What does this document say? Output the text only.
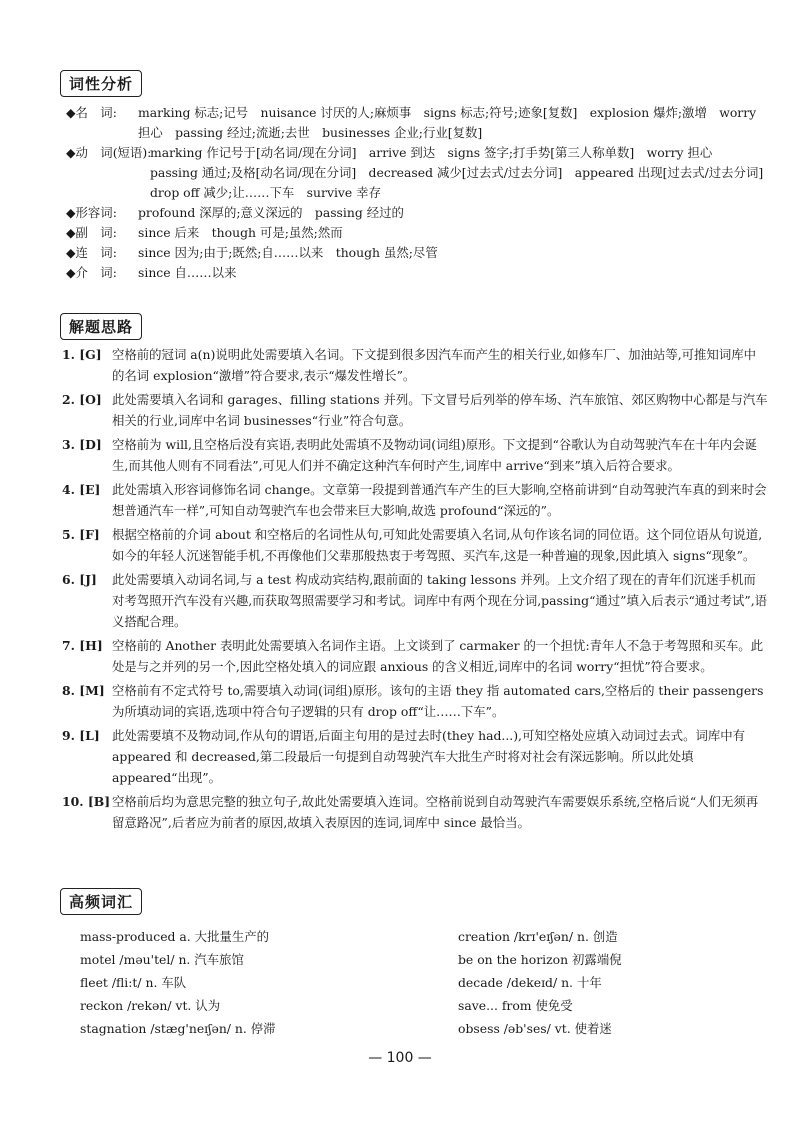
词性分析
◆名　词:	marking 标志;记号　nuisance 讨厌的人;麻烦事　signs 标志;符号;迹象[复数]　explosion 爆炸;激增　worry 担心　passing 经过;流逝;去世　businesses 企业;行业[复数]
◆动　词(短语):
marking 作记号于[动名词/现在分词]　arrive 到达　signs 签字;打手势[第三人称单数]　worry 担心　passing 通过;及格[动名词/现在分词]　decreased 减少[过去式/过去分词]　appeared 出现[过去式/过去分词]　drop off 减少;让……下车　survive 幸存
◆形容词:	profound 深厚的;意义深远的　passing 经过的
◆副　词:	since 后来　though 可是;虽然;然而
◆连　词:	since 因为;由于;既然;自……以来　though 虽然;尽管
◆介　词:	since 自……以来
解题思路
1. [G] 空格前的冠词 a(n)说明此处需要填入名词。下文提到很多因汽车而产生的相关行业,如修车厂、加油站等,可推知词库中的名词 explosion“激增”符合要求,表示“爆发性增长”。
2. [O] 此处需要填入名词和 garages、filling stations 并列。下文冒号后列举的停车场、汽车旅馆、郊区购物中心都是与汽车相关的行业,词库中名词 businesses“行业”符合句意。
3. [D] 空格前为 will,且空格后没有宾语,表明此处需填不及物动词(词组)原形。下文提到“谷歌认为自动驾驶汽车在十年内会诞生,而其他人则有不同看法”,可见人们并不确定这种汽车何时产生,词库中 arrive“到来”填入后符合要求。
4. [E] 此处需填入形容词修饰名词 change。文章第一段提到普通汽车产生的巨大影响,空格前讲到“自动驾驶汽车真的到来时会想普通汽车一样”,可知自动驾驶汽车也会带来巨大影响,故选 profound“深远的”。
5. [F] 根据空格前的介词 about 和空格后的名词性从句,可知此处需要填入名词,从句作该名词的同位语。这个同位语从句说道,如今的年轻人沉迷智能手机,不再像他们父辈那般热衷于考驾照、买汽车,这是一种普遍的现象,因此填入 signs“现象”。
6. [J]	此处需要填入动词名词,与 a test 构成动宾结构,跟前面的 taking lessons 并列。上文介绍了现在的青年们沉迷手机而对考驾照开汽车没有兴趣,而获取驾照需要学习和考试。词库中有两个现在分词,passing“通过”填入后表示“通过考试”,语义搭配合理。
7. [H] 空格前的 Another 表明此处需要填入名词作主语。上文谈到了 carmaker 的一个担忧:青年人不急于考驾照和买车。此处是与之并列的另一个,因此空格处填入的词应跟 anxious 的含义相近,词库中的名词 worry“担忧”符合要求。
8. [M] 空格前有不定式符号 to,需要填入动词(词组)原形。该句的主语 they 指 automated cars,空格后的 their passengers 为所填动词的宾语,选项中符合句子逻辑的只有 drop off“让……下车”。
9. [L] 此处需要填不及物动词,作从句的谓语,后面主句用的是过去时(they had...),可知空格处应填入动词过去式。词库中有 appeared 和 decreased,第二段最后一句提到自动驾驶汽车大批生产时将对社会有深远影响。所以此处填 appeared“出现”。
10. [B] 空格前后均为意思完整的独立句子,故此处需要填入连词。空格前说到自动驾驶汽车需要娱乐系统,空格后说“人们无须再留意路况”,后者应为前者的原因,故填入表原因的连词,词库中 since 最恰当。
高频词汇
mass-produced a. 大批量生产的
motel /məu'tel/ n. 汽车旅馆
fleet /fli:t/ n. 车队
reckon /rekən/ vt. 认为
stagnation /stæg'neɪʃən/ n. 停滞
creation /krɪ'eɪʃən/ n. 创造
be on the horizon 初露端倪
decade /dekeɪd/ n. 十年
save... from 使免受
obsess /əb'ses/ vt. 使着迷
— 100 —
